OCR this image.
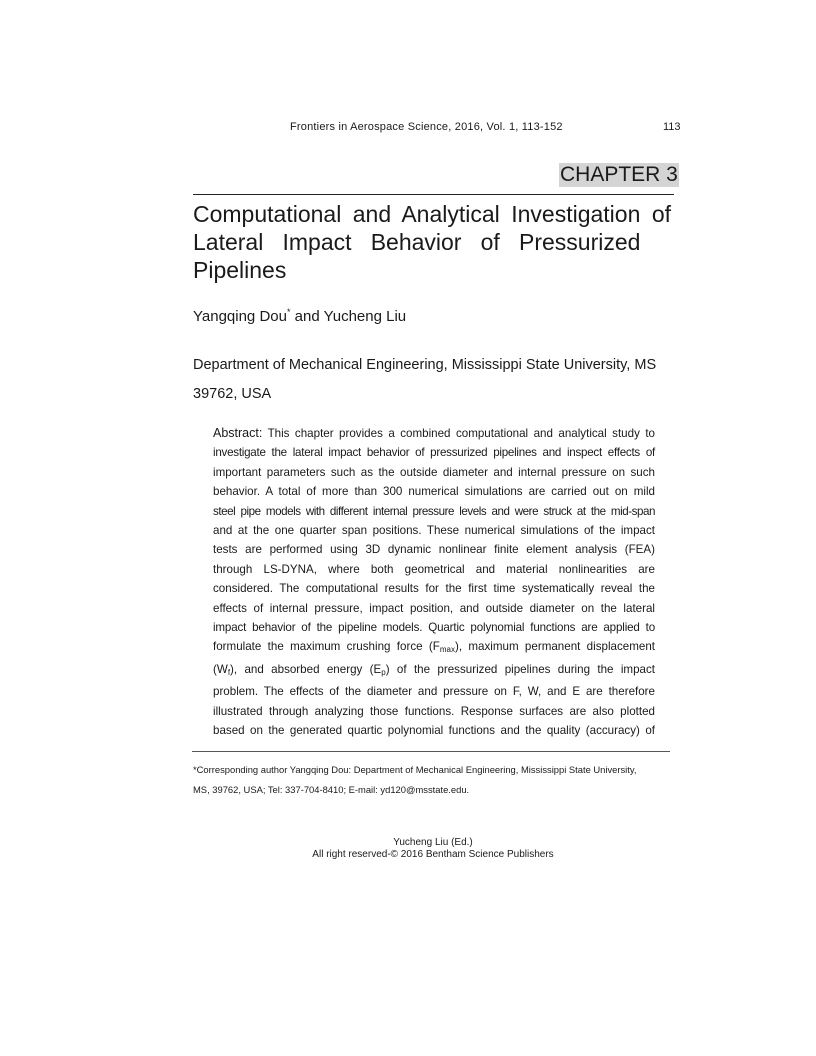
Frontiers in Aerospace Science, 2016, Vol. 1, 113-152	113
CHAPTER 3
Computational and Analytical Investigation of
Lateral   Impact   Behavior   of   Pressurized
Pipelines
Yangqing Dou* and Yucheng Liu
Department of Mechanical Engineering, Mississippi State University, MS
39762, USA
Abstract: This chapter provides a combined computational and analytical study to
investigate the lateral impact behavior of pressurized pipelines and inspect effects of
important parameters such as the outside diameter and internal pressure on such
behavior. A total of more than 300 numerical simulations are carried out on mild
steel pipe models with different internal pressure levels and were struck at the mid-span
and at the one quarter span positions. These numerical simulations of the impact
tests are performed using 3D dynamic nonlinear finite element analysis (FEA)
through LS-DYNA, where both geometrical and material nonlinearities are
considered. The computational results for the first time systematically reveal the
effects of internal pressure, impact position, and outside diameter on the lateral
impact behavior of the pipeline models. Quartic polynomial functions are applied to
formulate the maximum crushing force $(F_{max})$, maximum permanent displacement
$(W_f)$, and absorbed energy $(E_p)$ of the pressurized pipelines during the impact
problem. The effects of the diameter and pressure on F, W, and E are therefore
illustrated through analyzing those functions. Response surfaces are also plotted
based on the generated quartic polynomial functions and the quality (accuracy) of
*Corresponding author Yangqing Dou: Department of Mechanical Engineering, Mississippi State University,
MS, 39762, USA; Tel: 337-704-8410; E-mail: yd120@msstate.edu.
Yucheng Liu (Ed.)
All right reserved-© 2016 Bentham Science Publishers
